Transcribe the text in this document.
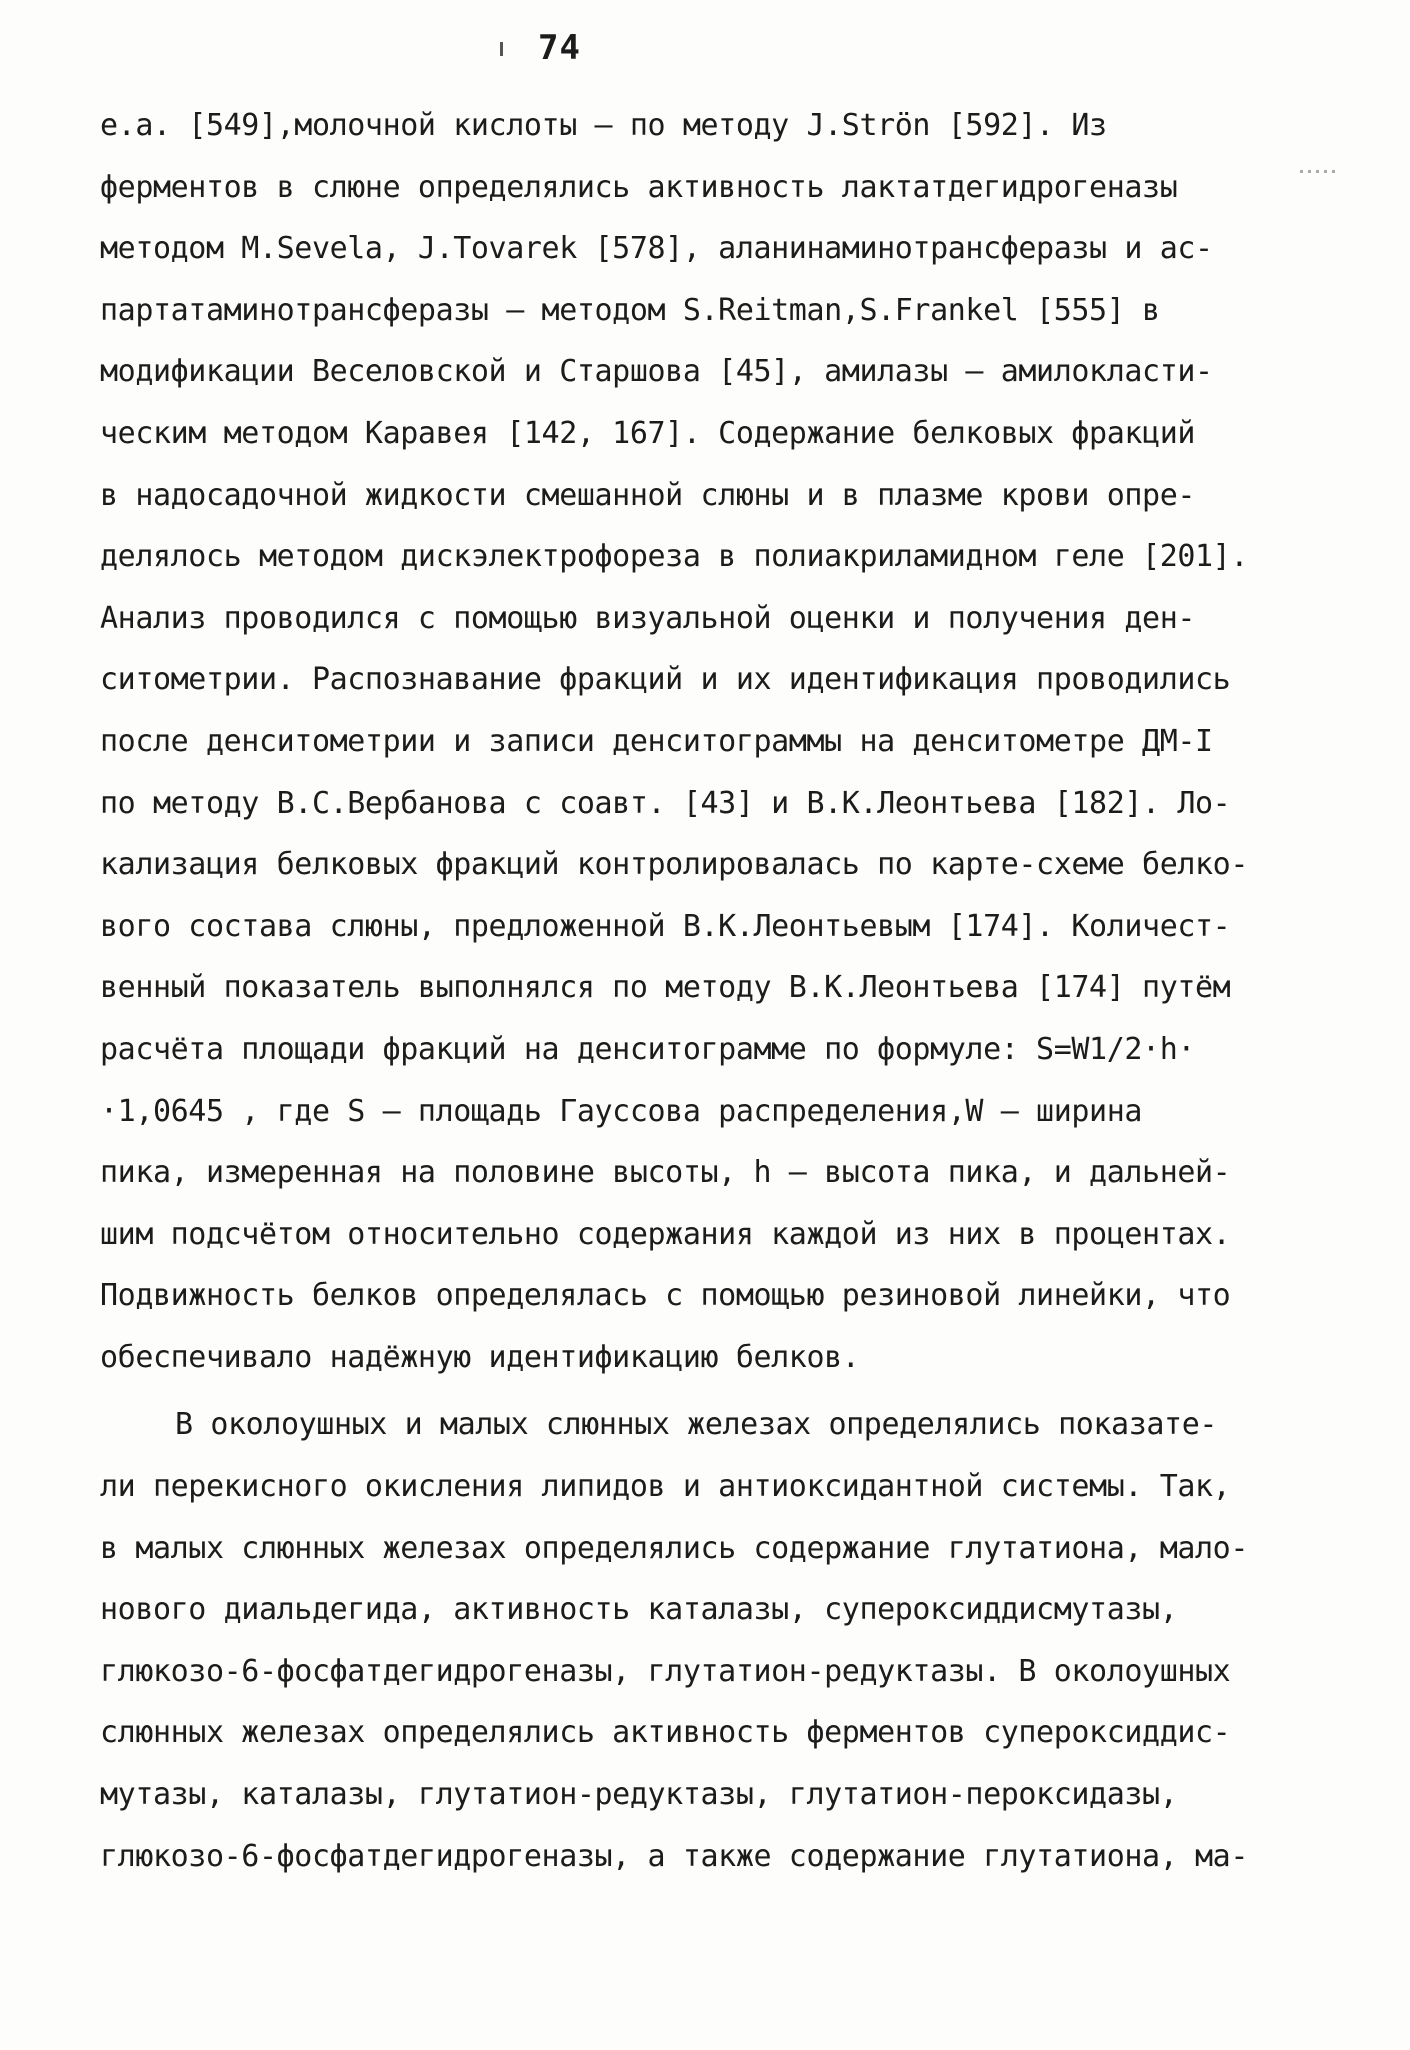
74
е.а. [549],молочной кислоты – по методу J.Strön [592]. Из
ферментов в слюне определялись активность лактатдегидрогеназы
методом M.Sevela, J.Tovarek [578], аланинаминотрансферазы и ас-
партатаминотрансферазы – методом S.Reitman,S.Frankel [555] в
модификации Веселовской и Старшова [45], амилазы – амилокласти-
ческим методом Каравея [142, 167]. Содержание белковых фракций
в надосадочной жидкости смешанной слюны и в плазме крови опре-
делялось методом дискэлектрофореза в полиакриламидном геле [201].
Анализ проводился с помощью визуальной оценки и получения ден-
ситометрии. Распознавание фракций и их идентификация проводились
после денситометрии и записи денситограммы на денситометре ДМ-I
по методу В.С.Вербанова с соавт. [43] и В.К.Леонтьева [182]. Ло-
кализация белковых фракций контролировалась по карте-схеме белко-
вого состава слюны, предложенной В.К.Леонтьевым [174]. Количест-
венный показатель выполнялся по методу В.К.Леонтьева [174] путём
расчёта площади фракций на денситограмме по формуле: S=W1/2·h·
·1,0645 , где S – площадь Гауссова распределения,W – ширина
пика, измеренная на половине высоты, h – высота пика, и дальней-
шим подсчётом относительно содержания каждой из них в процентах.
Подвижность белков определялась с помощью резиновой линейки, что
обеспечивало надёжную идентификацию белков.
В околоушных и малых слюнных железах определялись показате-
ли перекисного окисления липидов и антиоксидантной системы. Так,
в малых слюнных железах определялись содержание глутатиона, мало-
нового диальдегида, активность каталазы, супероксиддисмутазы,
глюкозо-6-фосфатдегидрогеназы, глутатион-редуктазы. В околоушных
слюнных железах определялись активность ферментов супероксиддис-
мутазы, каталазы, глутатион-редуктазы, глутатион-пероксидазы,
глюкозо-6-фосфатдегидрогеназы, а также содержание глутатиона, ма-
